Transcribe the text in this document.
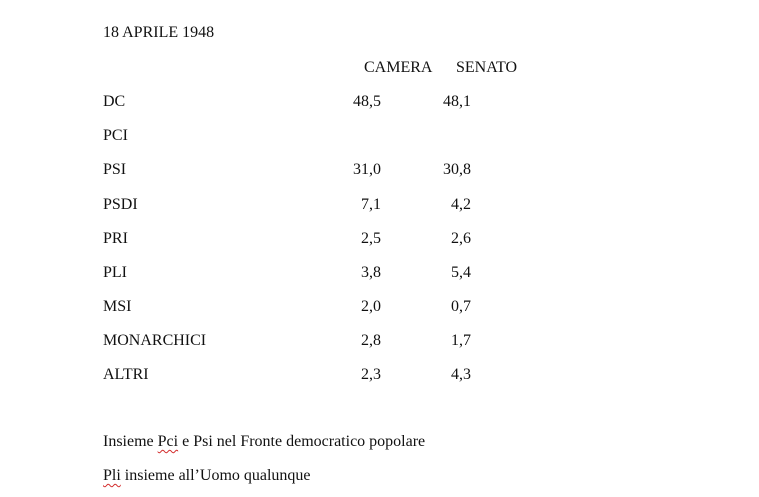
18 APRILE 1948
CAMERA SENATO
DC	48,5	48,1
PCI
PSI	31,0	30,8
PSDI	7,1	4,2
PRI	2,5	2,6
PLI	3,8	5,4
MSI	2,0	0,7
MONARCHICI	2,8	1,7
ALTRI	2,3	4,3
Insieme Pci e Psi nel Fronte democratico popolare
Pli insieme all’Uomo qualunque
